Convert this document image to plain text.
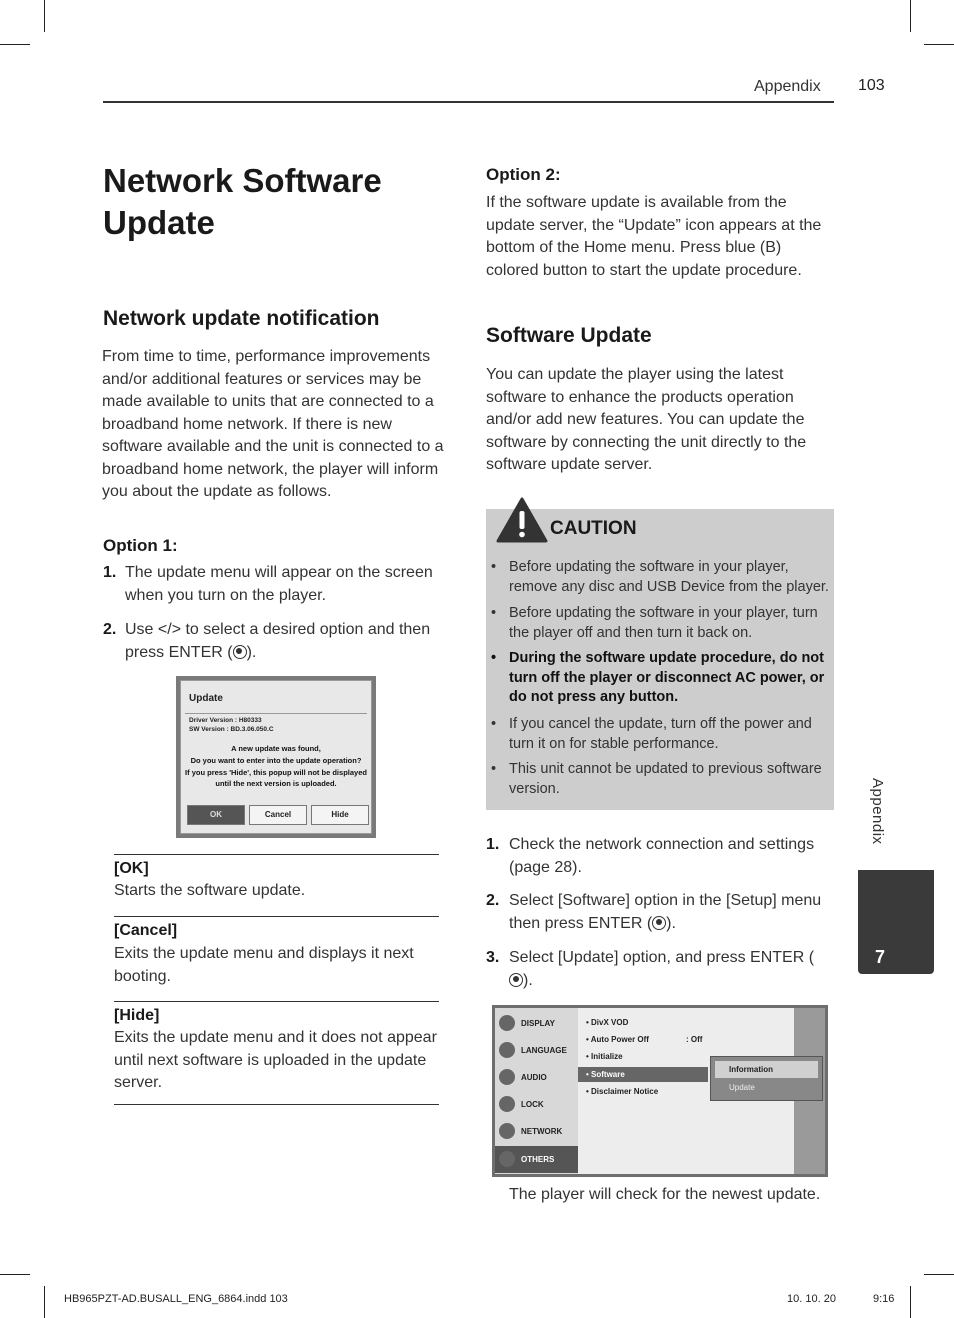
Appendix 103
Appendix
7
Network Software Update
Network update notification
From time to time, performance improvements and/or additional features or services may be made available to units that are connected to a broadband home network. If there is new software available and the unit is connected to a broadband home network, the player will inform you about the update as follows.
Option 1:
1. The update menu will appear on the screen when you turn on the player.
2. Use </> to select a desired option and then press ENTER ( ).
Update
Driver Version : H80333
SW Version : BD.3.06.050.C
A new update was found,
Do you want to enter into the update operation?
If you press 'Hide', this popup will not be displayed
until the next version is uploaded.
OK	Cancel	Hide
[OK]
Starts the software update.
[Cancel]
Exits the update menu and displays it next booting.
[Hide]
Exits the update menu and it does not appear until next software is uploaded in the update server.
Option 2:
If the software update is available from the update server, the “Update” icon appears at the bottom of the Home menu. Press blue (B) colored button to start the update procedure.
Software Update
You can update the player using the latest software to enhance the products operation and/or add new features. You can update the software by connecting the unit directly to the software update server.
CAUTION
• Before updating the software in your player, remove any disc and USB Device from the player.
• Before updating the software in your player, turn the player off and then turn it back on.
• During the software update procedure, do not turn off the player or disconnect AC power, or do not press any button.
• If you cancel the update, turn off the power and turn it on for stable performance.
• This unit cannot be updated to previous software version.
1. Check the network connection and settings (page 28).
2. Select [Software] option in the [Setup] menu then press ENTER ( ).
3. Select [Update] option, and press ENTER ().
DISPLAY
LANGUAGE
AUDIO
LOCK
NETWORK
OTHERS
• DivX VOD
• Auto Power Off	: Off
• Initialize
• Software
• Disclaimer Notice
Information
Update
The player will check for the newest update.
HB965PZT-AD.BUSALL_ENG_6864.indd 103	10. 10. 20	9:16
